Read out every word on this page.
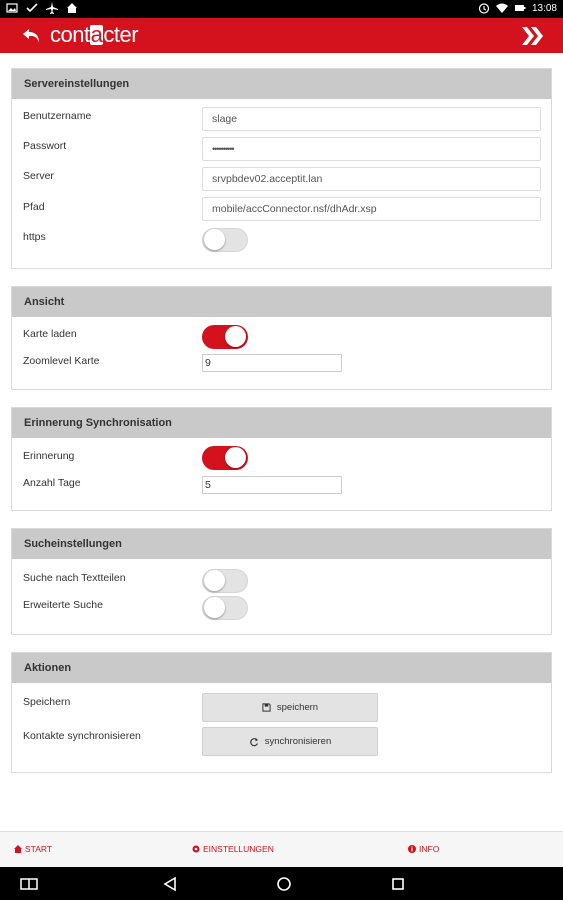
13:08
contacter
Servereinstellungen
Benutzername	slage
Passwort	••••••••••
Server	srvpbdev02.acceptit.lan
Pfad	mobile/accConnector.nsf/dhAdr.xsp
https
Ansicht
Karte laden
Zoomlevel Karte	9
Erinnerung Synchronisation
Erinnerung
Anzahl Tage	5
Sucheinstellungen
Suche nach Textteilen
Erweiterte Suche
Aktionen
Speichern	speichern
Kontakte synchronisieren	synchronisieren
START	EINSTELLUNGEN	INFO
